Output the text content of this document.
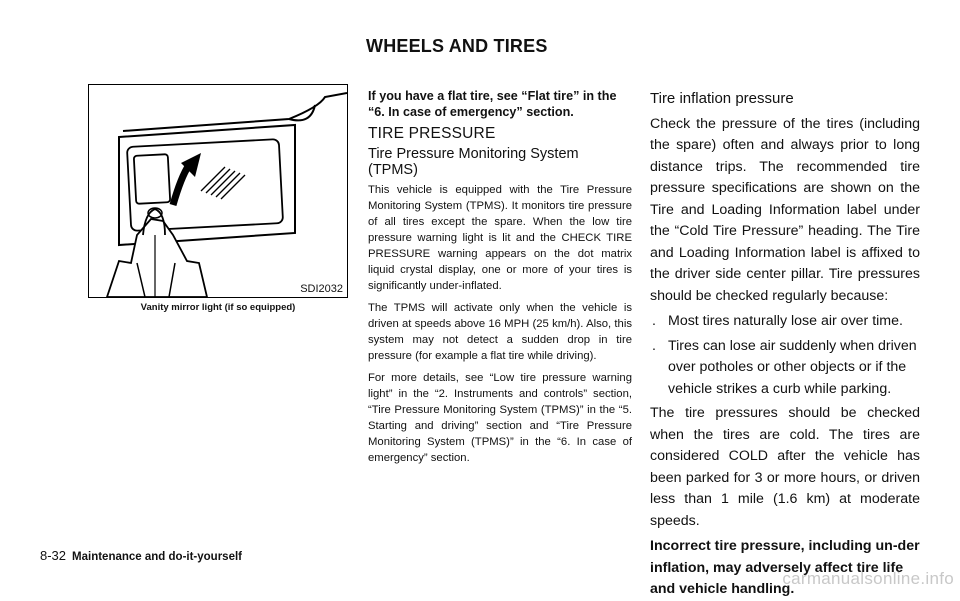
WHEELS AND TIRES
SDI2032
Vanity mirror light (if so equipped)

If you have a flat tire, see “Flat tire” in the “6. In case of emergency” section.

TIRE PRESSURE
Tire Pressure Monitoring System (TPMS)

This vehicle is equipped with the Tire Pressure Monitoring System (TPMS). It monitors tire pressure of all tires except the spare. When the low tire pressure warning light is lit and the CHECK TIRE PRESSURE warning appears on the dot matrix liquid crystal display, one or more of your tires is significantly under-inflated.

The TPMS will activate only when the vehicle is driven at speeds above 16 MPH (25 km/h). Also, this system may not detect a sudden drop in tire pressure (for example a flat tire while driving).

For more details, see “Low tire pressure warning light” in the “2. Instruments and controls” section, “Tire Pressure Monitoring System (TPMS)” in the “5. Starting and driving” section and “Tire Pressure Monitoring System (TPMS)” in the “6. In case of emergency” section.

Tire inflation pressure

Check the pressure of the tires (including the spare) often and always prior to long distance trips. The recommended tire pressure specifications are shown on the Tire and Loading Information label under the “Cold Tire Pressure” heading. The Tire and Loading Information label is affixed to the driver side center pillar. Tire pressures should be checked regularly because:

. Most tires naturally lose air over time.
. Tires can lose air suddenly when driven over potholes or other objects or if the vehicle strikes a curb while parking.

The tire pressures should be checked when the tires are cold. The tires are considered COLD after the vehicle has been parked for 3 or more hours, or driven less than 1 mile (1.6 km) at moderate speeds.

Incorrect tire pressure, including un-der inflation, may adversely affect tire life and vehicle handling.

8-32 Maintenance and do-it-yourself
carmanualsonline.info
